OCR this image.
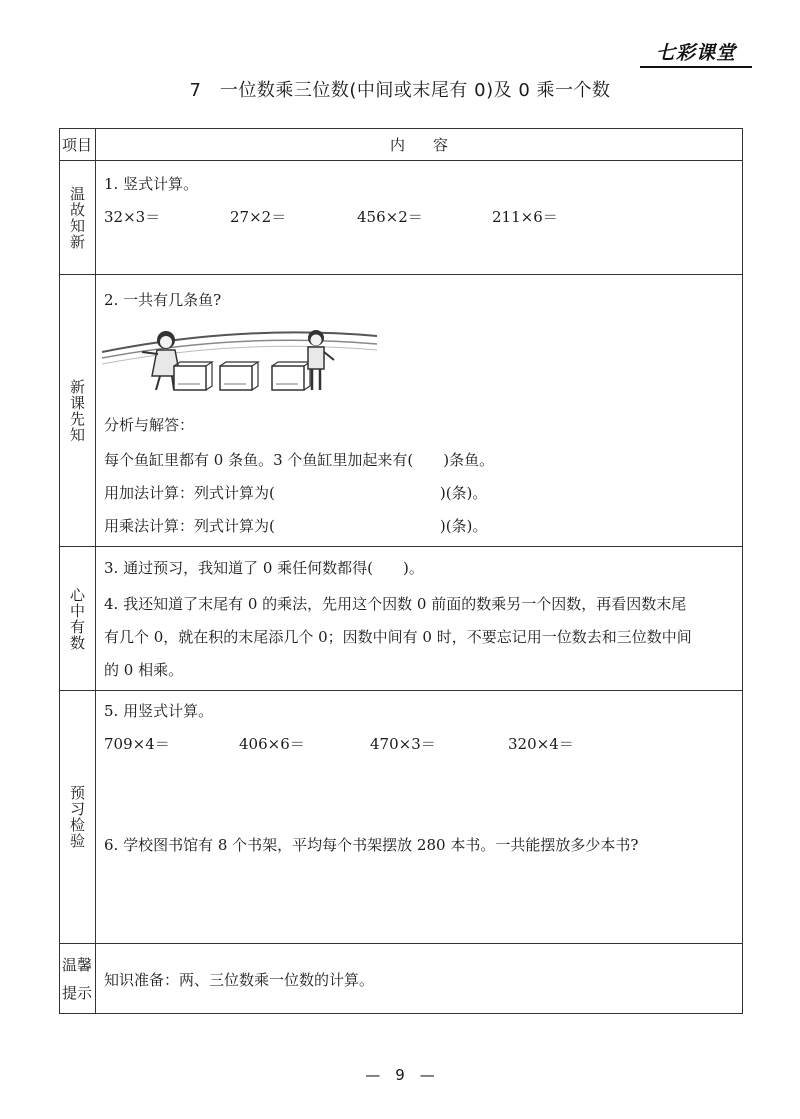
七彩课堂
7　一位数乘三位数(中间或末尾有 0)及 0 乘一个数
项目	内容
温故知新
1. 竖式计算。
32×3＝	27×2＝	456×2＝	211×6＝
新课先知
2. 一共有几条鱼?
分析与解答：
每个鱼缸里都有 0 条鱼。3 个鱼缸里加起来有(　　)条鱼。
用加法计算：列式计算为(　　　　　　　　　　　)(条)。
用乘法计算：列式计算为(　　　　　　　　　　　)(条)。
心中有数
3. 通过预习，我知道了 0 乘任何数都得(　　)。
4. 我还知道了末尾有 0 的乘法，先用这个因数 0 前面的数乘另一个因数，再看因数末尾
有几个 0，就在积的末尾添几个 0；因数中间有 0 时，不要忘记用一位数去和三位数中间
的 0 相乘。
预习检验
5. 用竖式计算。
709×4＝	406×6＝	470×3＝	320×4＝
6. 学校图书馆有 8 个书架，平均每个书架摆放 280 本书。一共能摆放多少本书?
温馨提示
知识准备：两、三位数乘一位数的计算。
—　9　—
